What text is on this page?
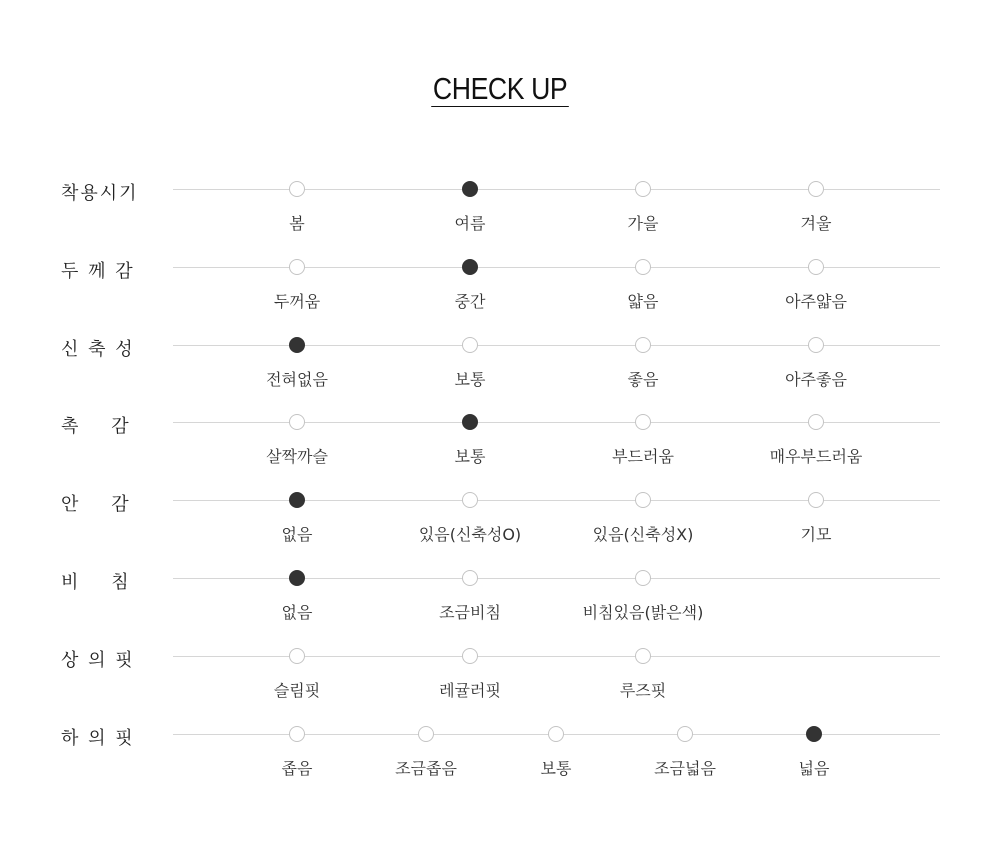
CHECK UP
착용시기
봄	여름	가을	겨울
두 께 감
두꺼움	중간	얇음	아주얇음
신 축 성
전혀없음	보통	좋음	아주좋음
촉    감
살짝까슬	보통	부드러움	매우부드러움
안    감
없음	있음(신축성O)	있음(신축성X)	기모
비    침
없음	조금비침	비침있음(밝은색)
상 의 핏
슬림핏	레귤러핏	루즈핏
하 의 핏
좁음	조금좁음	보통	조금넓음	넓음
